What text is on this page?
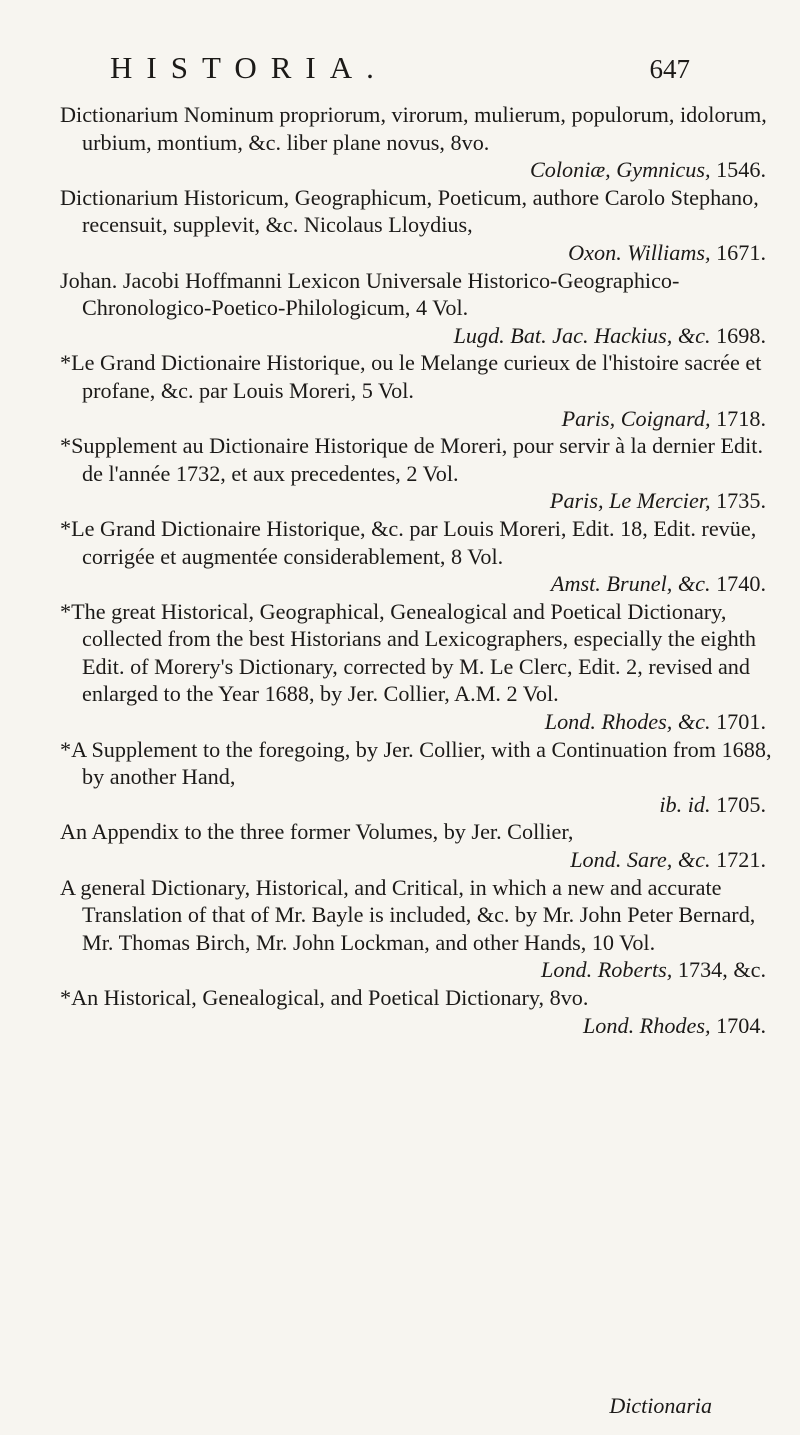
HISTORIA.	647
Dictionarium Nominum propriorum, virorum, mulierum, populorum, idolorum, urbium, montium, &c. liber plane novus, 8vo.
Coloniæ, Gymnicus, 1546.
Dictionarium Historicum, Geographicum, Poeticum, authore Carolo Stephano, recensuit, supplevit, &c. Nicolaus Lloydius,
Oxon. Williams, 1671.
Johan. Jacobi Hoffmanni Lexicon Universale Historico-Geographico-Chronologico-Poetico-Philologicum, 4 Vol.
Lugd. Bat. Jac. Hackius, &c. 1698.
*Le Grand Dictionaire Historique, ou le Melange curieux de l'histoire sacrée et profane, &c. par Louis Moreri, 5 Vol.
Paris, Coignard, 1718.
*Supplement au Dictionaire Historique de Moreri, pour servir à la dernier Edit. de l'année 1732, et aux precedentes, 2 Vol.
Paris, Le Mercier, 1735.
*Le Grand Dictionaire Historique, &c. par Louis Moreri, Edit. 18, Edit. revüe, corrigée et augmentée considerablement, 8 Vol.
Amst. Brunel, &c. 1740.
*The great Historical, Geographical, Genealogical and Poetical Dictionary, collected from the best Historians and Lexicographers, especially the eighth Edit. of Morery's Dictionary, corrected by M. Le Clerc, Edit. 2, revised and enlarged to the Year 1688, by Jer. Collier, A.M. 2 Vol.
Lond. Rhodes, &c. 1701.
*A Supplement to the foregoing, by Jer. Collier, with a Continuation from 1688, by another Hand,
ib. id. 1705.
An Appendix to the three former Volumes, by Jer. Collier,
Lond. Sare, &c. 1721.
A general Dictionary, Historical, and Critical, in which a new and accurate Translation of that of Mr. Bayle is included, &c. by Mr. John Peter Bernard, Mr. Thomas Birch, Mr. John Lockman, and other Hands, 10 Vol.
Lond. Roberts, 1734, &c.
*An Historical, Genealogical, and Poetical Dictionary, 8vo.
Lond. Rhodes, 1704.
Dictionaria
